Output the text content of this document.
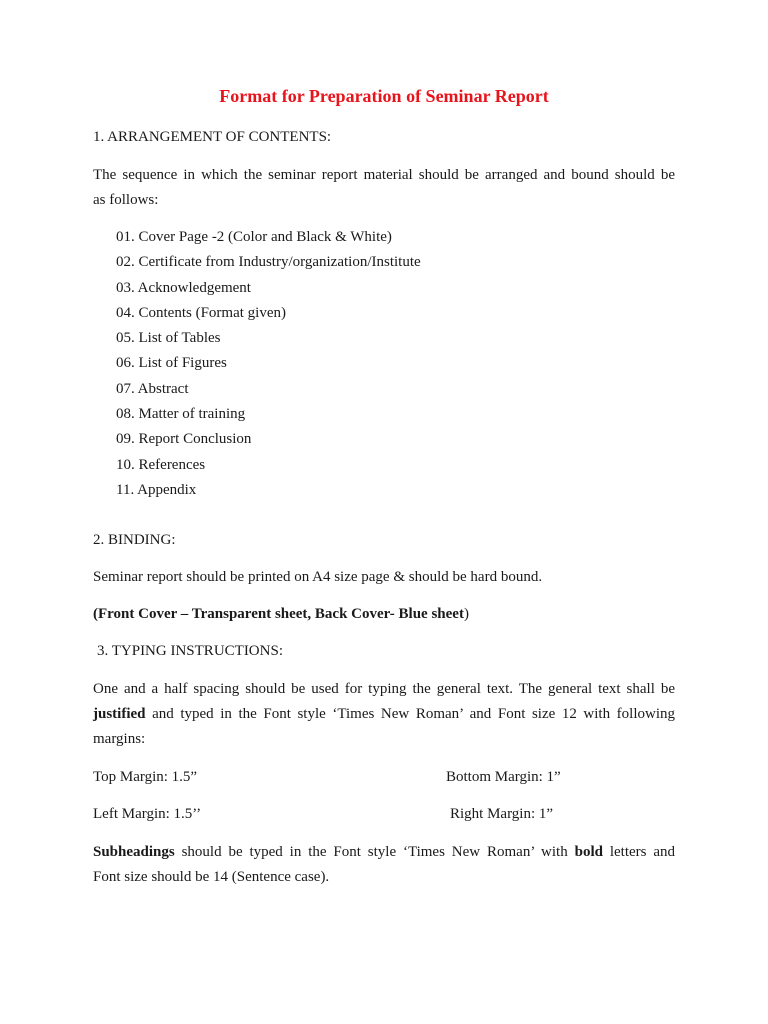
Format for Preparation of Seminar Report
1. ARRANGEMENT OF CONTENTS:
The sequence in which the seminar report material should be arranged and bound should be
as follows:
01. Cover Page -2 (Color and Black & White)
02. Certificate from Industry/organization/Institute
03. Acknowledgement
04. Contents (Format given)
05. List of Tables
06. List of Figures
07. Abstract
08. Matter of training
09. Report Conclusion
10. References
11. Appendix
2. BINDING:
Seminar report should be printed on A4 size page & should be hard bound.
(Front Cover – Transparent sheet, Back Cover- Blue sheet)
3. TYPING INSTRUCTIONS:
One and a half spacing should be used for typing the general text. The general text shall be
justified and typed in the Font style ‘Times New Roman’ and Font size 12 with following
margins:
Top Margin: 1.5”	Bottom Margin: 1”
Left Margin: 1.5’’	Right Margin: 1”
Subheadings should be typed in the Font style ‘Times New Roman’ with bold letters and
Font size should be 14 (Sentence case).
